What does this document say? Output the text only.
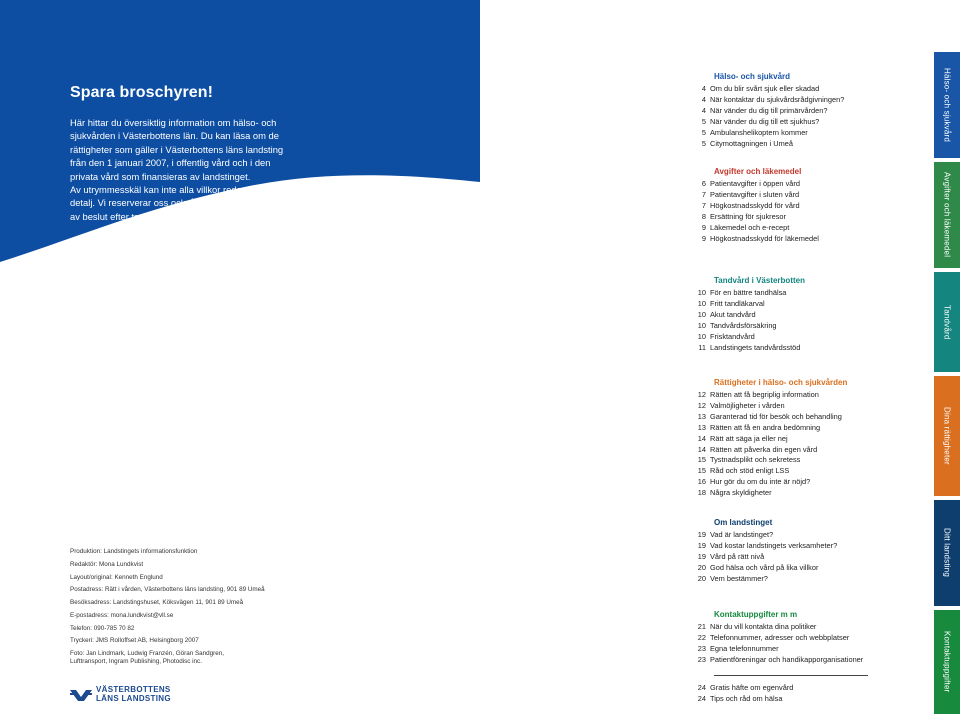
Spara broschyren!

Här hittar du översiktlig information om hälso- och sjukvården i Västerbottens län. Du kan läsa om de rättigheter som gäller i Västerbottens läns landsting från den 1 januari 2007, i offentlig vård och i den privata vård som finansieras av landstinget.

Av utrymmesskäl kan inte alla villkor redovisas i detalj. Vi reserverar oss också för ändringar till följd av beslut efter tryckning.

Produktion: Landstingets informationsfunktion
Redaktör: Mona Lundkvist
Layout/original: Kenneth Englund
Postadress: Rätt i vården, Västerbottens läns landsting, 901 89 Umeå
Besöksadress: Landstingshuset, Köksvägen 11, 901 89 Umeå
E-postadress: mona.lundkvist@vll.se
Telefon: 090-785 70 82
Tryckeri: JMS Rolloffset AB, Helsingborg 2007
Foto: Jan Lindmark, Ludwig Franzén, Göran Sandgren,
Lufttransport, Ingram Publishing, Photodisc inc.
VÄSTERBOTTENS
LÄNS LANDSTING
Hälso- och sjukvård
4 Om du blir svårt sjuk eller skadad
4 När kontaktar du sjukvårdsrådgivningen?
4 När vänder du dig till primärvården?
5 När vänder du dig till ett sjukhus?
5 Ambulanshelikoptern kommer
5 Citymottagningen i Umeå
Avgifter och läkemedel
6 Patientavgifter i öppen vård
7 Patientavgifter i sluten vård
7 Högkostnadsskydd för vård
8 Ersättning för sjukresor
9 Läkemedel och e-recept
9 Högkostnadsskydd för läkemedel
Tandvård i Västerbotten
10 För en bättre tandhälsa
10 Fritt tandläkarval
10 Akut tandvård
10 Tandvårdsförsäkring
10 Frisktandvård
11 Landstingets tandvårdsstöd
Rättigheter i hälso- och sjukvården
12 Rätten att få begriplig information
12 Valmöjligheter i vården
13 Garanterad tid för besök och behandling
13 Rätten att få en andra bedömning
14 Rätt att säga ja eller nej
14 Rätten att påverka din egen vård
15 Tystnadsplikt och sekretess
15 Råd och stöd enligt LSS
16 Hur gör du om du inte är nöjd?
18 Några skyldigheter
Om landstinget
19 Vad är landstinget?
19 Vad kostar landstingets verksamheter?
19 Vård på rätt nivå
20 God hälsa och vård på lika villkor
20 Vem bestämmer?
Kontaktuppgifter m m
21 När du vill kontakta dina politiker
22 Telefonnummer, adresser och webbplatser
23 Egna telefonnummer
23 Patientföreningar och handikapporganisationer
24 Gratis häfte om egenvård
24 Tips och råd om hälsa
Hälso- och sjukvård
Avgifter och läkemedel
Tandvård
Dina rättigheter
Ditt landsting
Kontaktuppgifter
